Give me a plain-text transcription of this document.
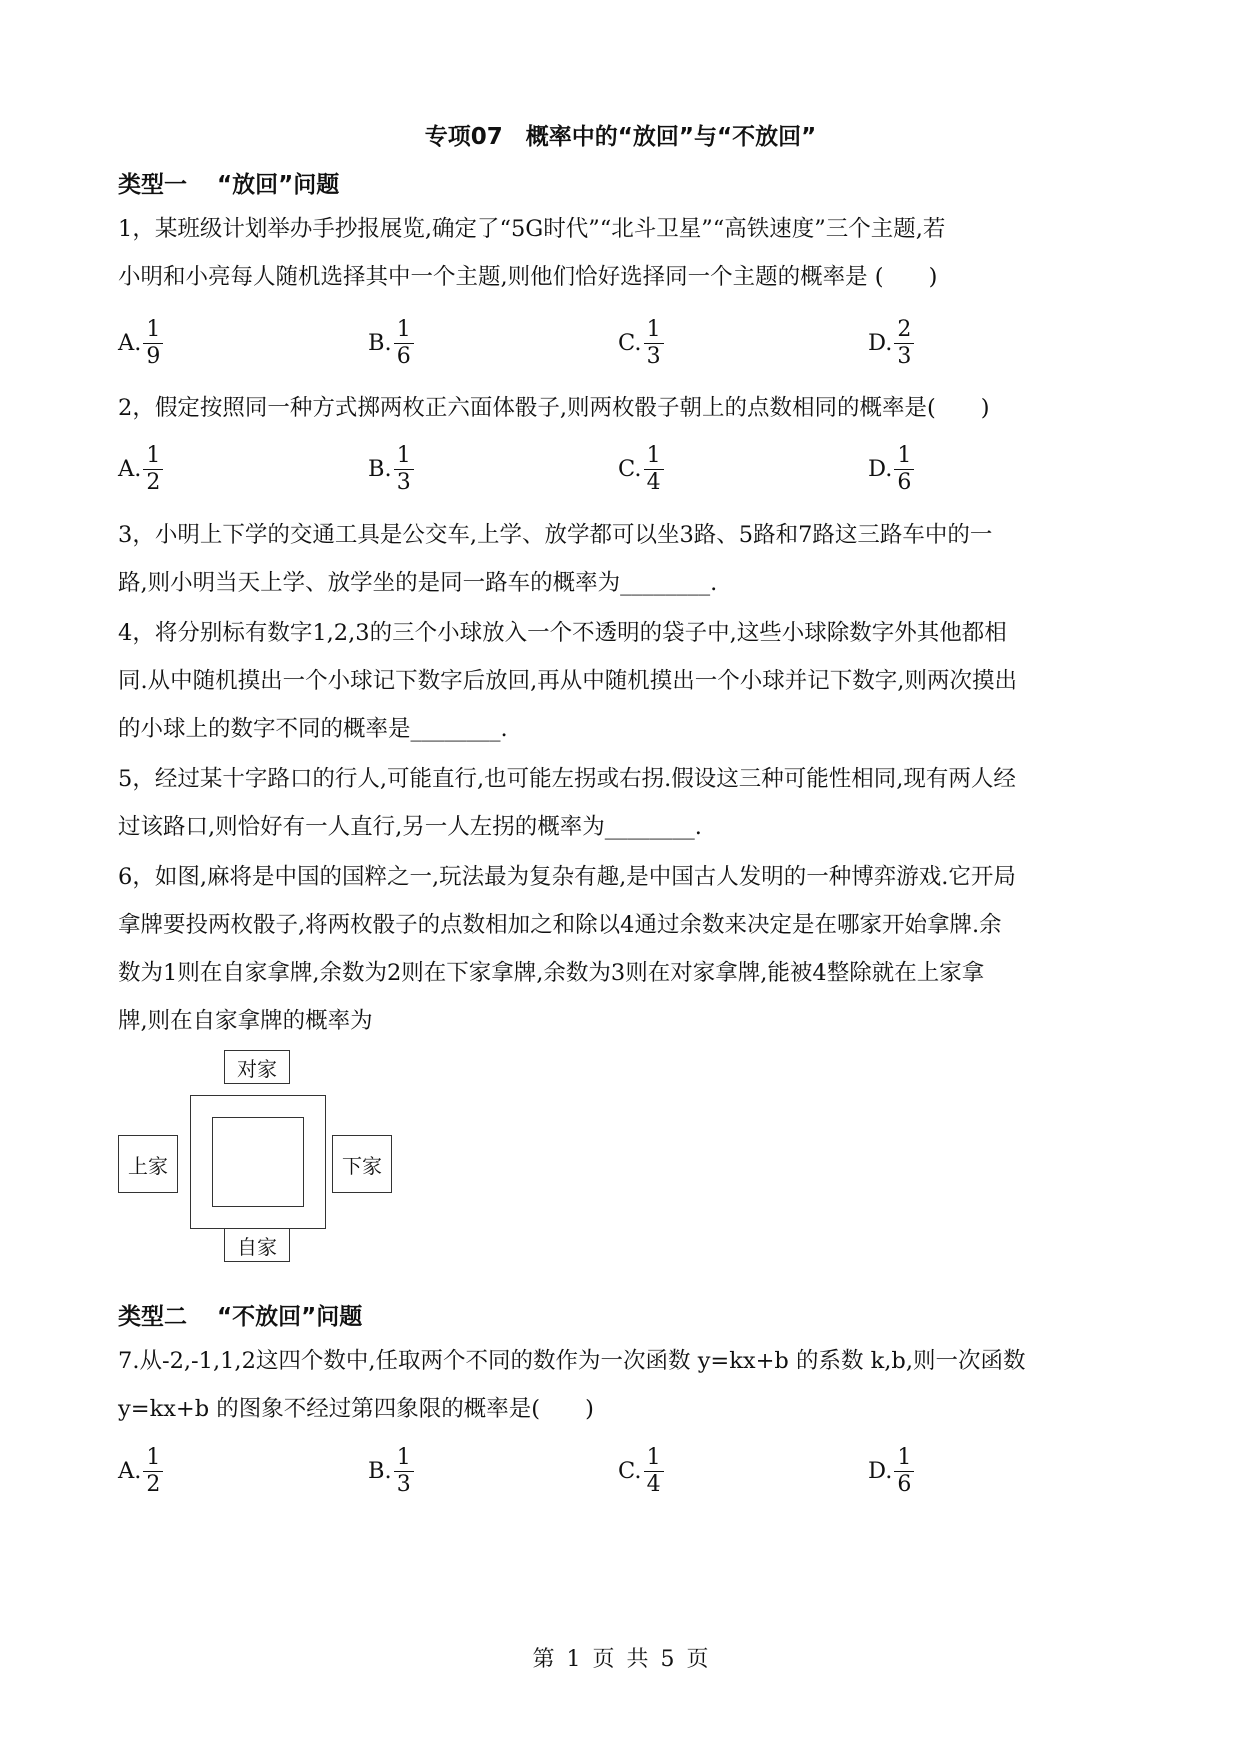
专项07　概率中的“放回”与“不放回”
类型一 “放回”问题
1，某班级计划举办手抄报展览,确定了“5G时代”“北斗卫星”“高铁速度”三个主题,若
小明和小亮每人随机选择其中一个主题,则他们恰好选择同一个主题的概率是 (　　)
A. $\frac{1}{9}$	B. $\frac{1}{6}$	C. $\frac{1}{3}$	D. $\frac{2}{3}$
2，假定按照同一种方式掷两枚正六面体骰子,则两枚骰子朝上的点数相同的概率是(　　)
A. $\frac{1}{2}$	B. $\frac{1}{3}$	C. $\frac{1}{4}$	D. $\frac{1}{6}$
3，小明上下学的交通工具是公交车,上学、放学都可以坐3路、5路和7路这三路车中的一
路,则小明当天上学、放学坐的是同一路车的概率为________.
4，将分别标有数字1,2,3的三个小球放入一个不透明的袋子中,这些小球除数字外其他都相
同.从中随机摸出一个小球记下数字后放回,再从中随机摸出一个小球并记下数字,则两次摸出
的小球上的数字不同的概率是________.
5，经过某十字路口的行人,可能直行,也可能左拐或右拐.假设这三种可能性相同,现有两人经
过该路口,则恰好有一人直行,另一人左拐的概率为________.
6，如图,麻将是中国的国粹之一,玩法最为复杂有趣,是中国古人发明的一种博弈游戏.它开局
拿牌要投两枚骰子,将两枚骰子的点数相加之和除以4通过余数来决定是在哪家开始拿牌.余
数为1则在自家拿牌,余数为2则在下家拿牌,余数为3则在对家拿牌,能被4整除就在上家拿
牌,则在自家拿牌的概率为
对家
上家	下家
自家
类型二 “不放回”问题
7.从-2,-1,1,2这四个数中,任取两个不同的数作为一次函数 y=kx+b 的系数 k,b,则一次函数
y=kx+b 的图象不经过第四象限的概率是(　　)
A. $\frac{1}{2}$	B. $\frac{1}{3}$	C. $\frac{1}{4}$	D. $\frac{1}{6}$
第 1 页 共 5 页
